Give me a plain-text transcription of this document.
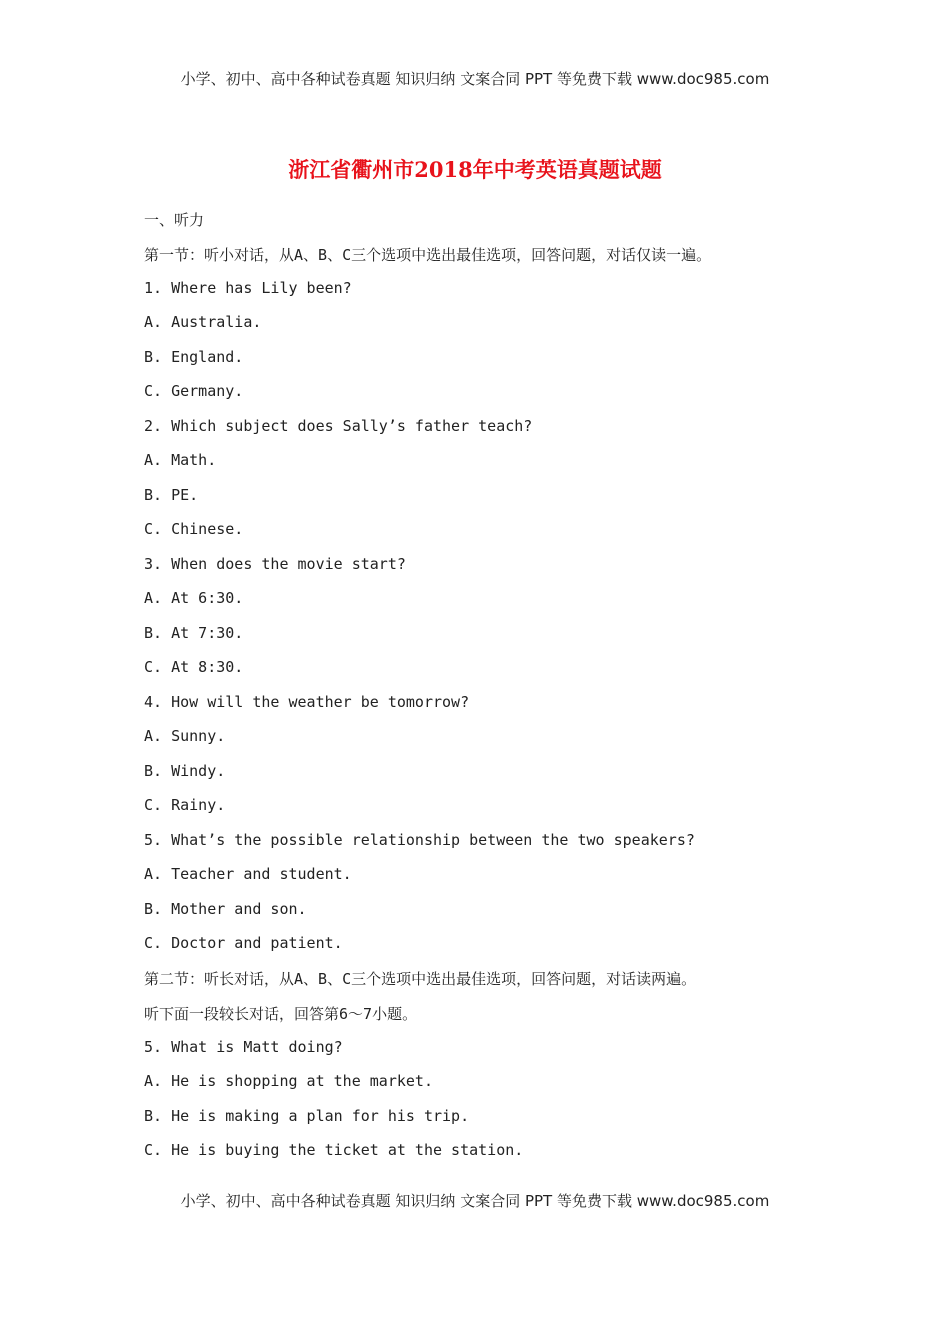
小学、初中、高中各种试卷真题 知识归纳 文案合同 PPT 等免费下载 www.doc985.com
浙江省衢州市2018年中考英语真题试题
一、听力
第一节：听小对话，从A、B、C三个选项中选出最佳选项，回答问题，对话仅读一遍。
1. Where has Lily been?
A. Australia.
B. England.
C. Germany.
2. Which subject does Sally’s father teach?
A. Math.
B. PE.
C. Chinese.
3. When does the movie start?
A. At 6:30.
B. At 7:30.
C. At 8:30.
4. How will the weather be tomorrow?
A. Sunny.
B. Windy.
C. Rainy.
5. What’s the possible relationship between the two speakers?
A. Teacher and student.
B. Mother and son.
C. Doctor and patient.
第二节：听长对话，从A、B、C三个选项中选出最佳选项，回答问题，对话读两遍。
听下面一段较长对话，回答第6～7小题。
5. What is Matt doing?
A. He is shopping at the market.
B. He is making a plan for his trip.
C. He is buying the ticket at the station.
小学、初中、高中各种试卷真题 知识归纳 文案合同 PPT 等免费下载 www.doc985.com
